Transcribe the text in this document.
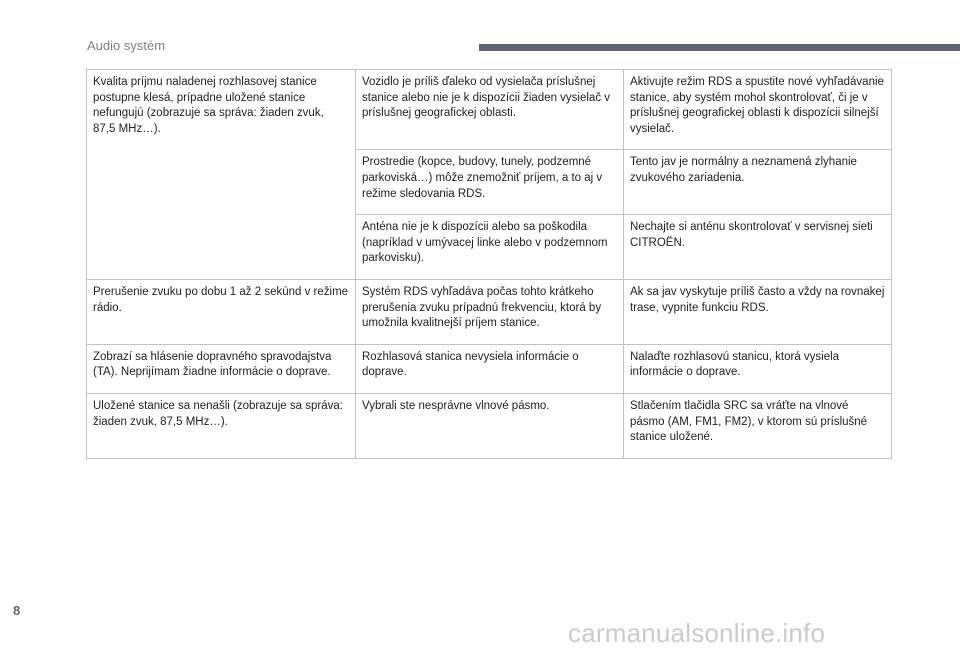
Audio systém
Kvalita príjmu naladenej rozhlasovej stanice postupne klesá, prípadne uložené stanice nefungujú (zobrazuje sa správa: žiaden zvuk, 87,5 MHz…).	Vozidlo je príliš ďaleko od vysielača príslušnej stanice alebo nie je k dispozícii žiaden vysielač v príslušnej geografickej oblasti.	Aktivujte režim RDS a spustite nové vyhľadávanie stanice, aby systém mohol skontrolovať, či je v príslušnej geografickej oblasti k dispozícii silnejší vysielač.
	Prostredie (kopce, budovy, tunely, podzemné parkoviská…) môže znemožniť príjem, a to aj v režime sledovania RDS.	Tento jav je normálny a neznamená zlyhanie zvukového zariadenia.
	Anténa nie je k dispozícii alebo sa poškodila (napríklad v umývacej linke alebo v podzemnom parkovisku).	Nechajte si anténu skontrolovať v servisnej sieti CITROËN.
Prerušenie zvuku po dobu 1 až 2 sekúnd v režime rádio.	Systém RDS vyhľadáva počas tohto krátkeho prerušenia zvuku prípadnú frekvenciu, ktorá by umožnila kvalitnejší príjem stanice.	Ak sa jav vyskytuje príliš často a vždy na rovnakej trase, vypnite funkciu RDS.
Zobrazí sa hlásenie dopravného spravodajstva (TA). Neprijímam žiadne informácie o doprave.	Rozhlasová stanica nevysiela informácie o doprave.	Nalaďte rozhlasovú stanicu, ktorá vysiela informácie o doprave.
Uložené stanice sa nenašli (zobrazuje sa správa: žiaden zvuk, 87,5 MHz…).	Vybrali ste nesprávne vlnové pásmo.	Stlačením tlačidla SRC sa vráťte na vlnové pásmo (AM, FM1, FM2), v ktorom sú príslušné stanice uložené.
8
carmanualsonline.info
